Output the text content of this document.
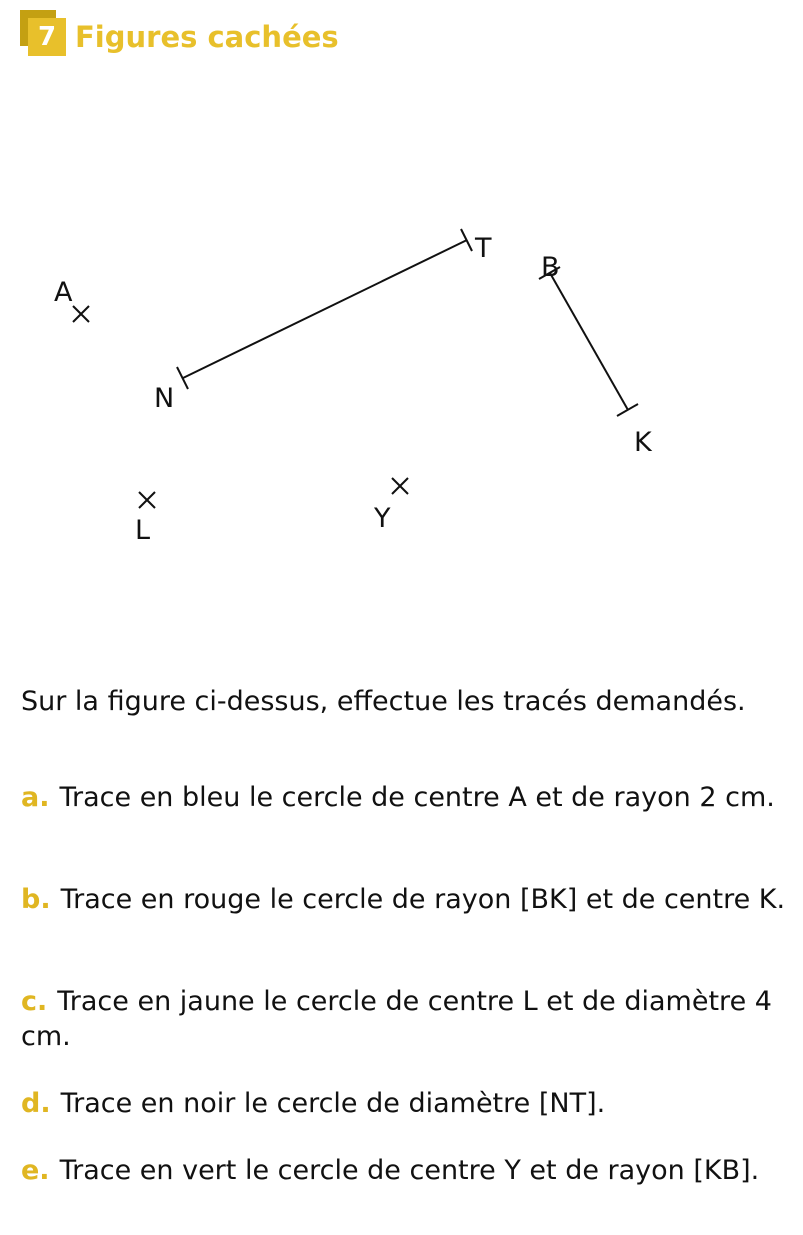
7 Figures cachées
A
T
B
N
K
L	Y
Sur la figure ci-dessus, effectue les tracés demandés.
a. Trace en bleu le cercle de centre A et de rayon 2 cm.
b. Trace en rouge le cercle de rayon [BK] et de centre K.
c. Trace en jaune le cercle de centre L et de diamètre 4 cm.
d. Trace en noir le cercle de diamètre [NT].
e. Trace en vert le cercle de centre Y et de rayon [KB].
